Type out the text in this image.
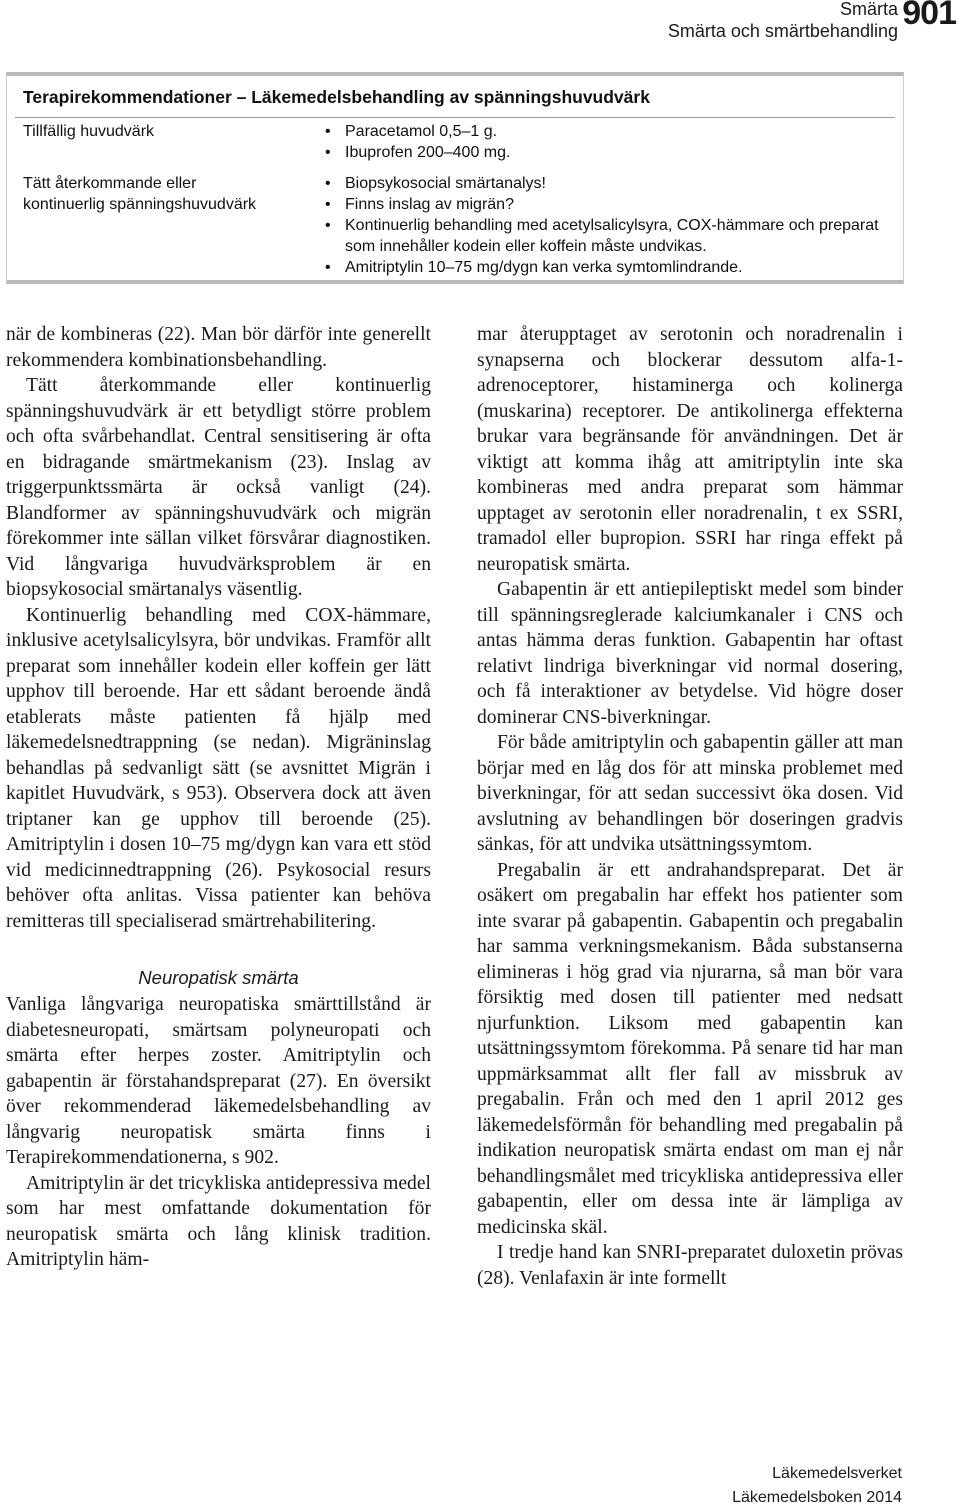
Smärta
Smärta och smärtbehandling 901
Terapirekommendationer – Läkemedelsbehandling av spänningshuvudvärk
Tillfällig huvudvärk
•	Paracetamol 0,5–1 g.
• Ibuprofen 200–400 mg.
Tätt återkommande eller
kontinuerlig spänningshuvudvärk
• Biopsykosocial smärtanalys!
• Finns inslag av migrän?
• Kontinuerlig behandling med acetylsalicylsyra, COX-hämmare och preparat som innehåller kodein eller koffein måste undvikas.
• Amitriptylin 10–75 mg/dygn kan verka symtomlindrande.

när de kombineras (22). Man bör därför inte generellt rekommendera kombinationsbehandling.

Tätt återkommande eller kontinuerlig spänningshuvudvärk är ett betydligt större problem och ofta svårbehandlat. Central sensitisering är ofta en bidragande smärtmekanism (23). Inslag av triggerpunktssmärta är också vanligt (24). Blandformer av spänningshuvudvärk och migrän förekommer inte sällan vilket försvårar diagnostiken. Vid långvariga huvudvärksproblem är en biopsykosocial smärtanalys väsentlig.

Kontinuerlig behandling med COX-hämmare, inklusive acetylsalicylsyra, bör undvikas. Framför allt preparat som innehåller kodein eller koffein ger lätt upphov till beroende. Har ett sådant beroende ändå etablerats måste patienten få hjälp med läkemedelsnedtrappning (se nedan). Migräninslag behandlas på sedvanligt sätt (se avsnittet Migrän i kapitlet Huvudvärk, s 953). Observera dock att även triptaner kan ge upphov till beroende (25). Amitriptylin i dosen 10–75 mg/dygn kan vara ett stöd vid medicinnedtrappning (26). Psykosocial resurs behöver ofta anlitas. Vissa patienter kan behöva remitteras till specialiserad smärtrehabilitering.

Neuropatisk smärta

Vanliga långvariga neuropatiska smärttillstånd är diabetesneuropati, smärtsam polyneuropati och smärta efter herpes zoster. Amitriptylin och gabapentin är förstahandspreparat (27). En översikt över rekommenderad läkemedelsbehandling av långvarig neuropatisk smärta finns i Terapirekommendationerna, s 902.

Amitriptylin är det tricykliska antidepressiva medel som har mest omfattande dokumentation för neuropatisk smärta och lång klinisk tradition. Amitriptylin häm-

mar återupptaget av serotonin och noradrenalin i synapserna och blockerar dessutom alfa-1-adrenoceptorer, histaminerga och kolinerga (muskarina) receptorer. De antikolinerga effekterna brukar vara begränsande för användningen. Det är viktigt att komma ihåg att amitriptylin inte ska kombineras med andra preparat som hämmar upptaget av serotonin eller noradrenalin, t ex SSRI, tramadol eller bupropion. SSRI har ringa effekt på neuropatisk smärta.

Gabapentin är ett antiepileptiskt medel som binder till spänningsreglerade kalciumkanaler i CNS och antas hämma deras funktion. Gabapentin har oftast relativt lindriga biverkningar vid normal dosering, och få interaktioner av betydelse. Vid högre doser dominerar CNS-biverkningar.

För både amitriptylin och gabapentin gäller att man börjar med en låg dos för att minska problemet med biverkningar, för att sedan successivt öka dosen. Vid avslutning av behandlingen bör doseringen gradvis sänkas, för att undvika utsättningssymtom.

Pregabalin är ett andrahandspreparat. Det är osäkert om pregabalin har effekt hos patienter som inte svarar på gabapentin. Gabapentin och pregabalin har samma verkningsmekanism. Båda substanserna elimineras i hög grad via njurarna, så man bör vara försiktig med dosen till patienter med nedsatt njurfunktion. Liksom med gabapentin kan utsättningssymtom förekomma. På senare tid har man uppmärksammat allt fler fall av missbruk av pregabalin. Från och med den 1 april 2012 ges läkemedelsförmån för behandling med pregabalin på indikation neuropatisk smärta endast om man ej når behandlingsmålet med tricykliska antidepressiva eller gabapentin, eller om dessa inte är lämpliga av medicinska skäl.

I tredje hand kan SNRI-preparatet duloxetin prövas (28). Venlafaxin är inte formellt

Läkemedelsverket
Läkemedelsboken 2014
